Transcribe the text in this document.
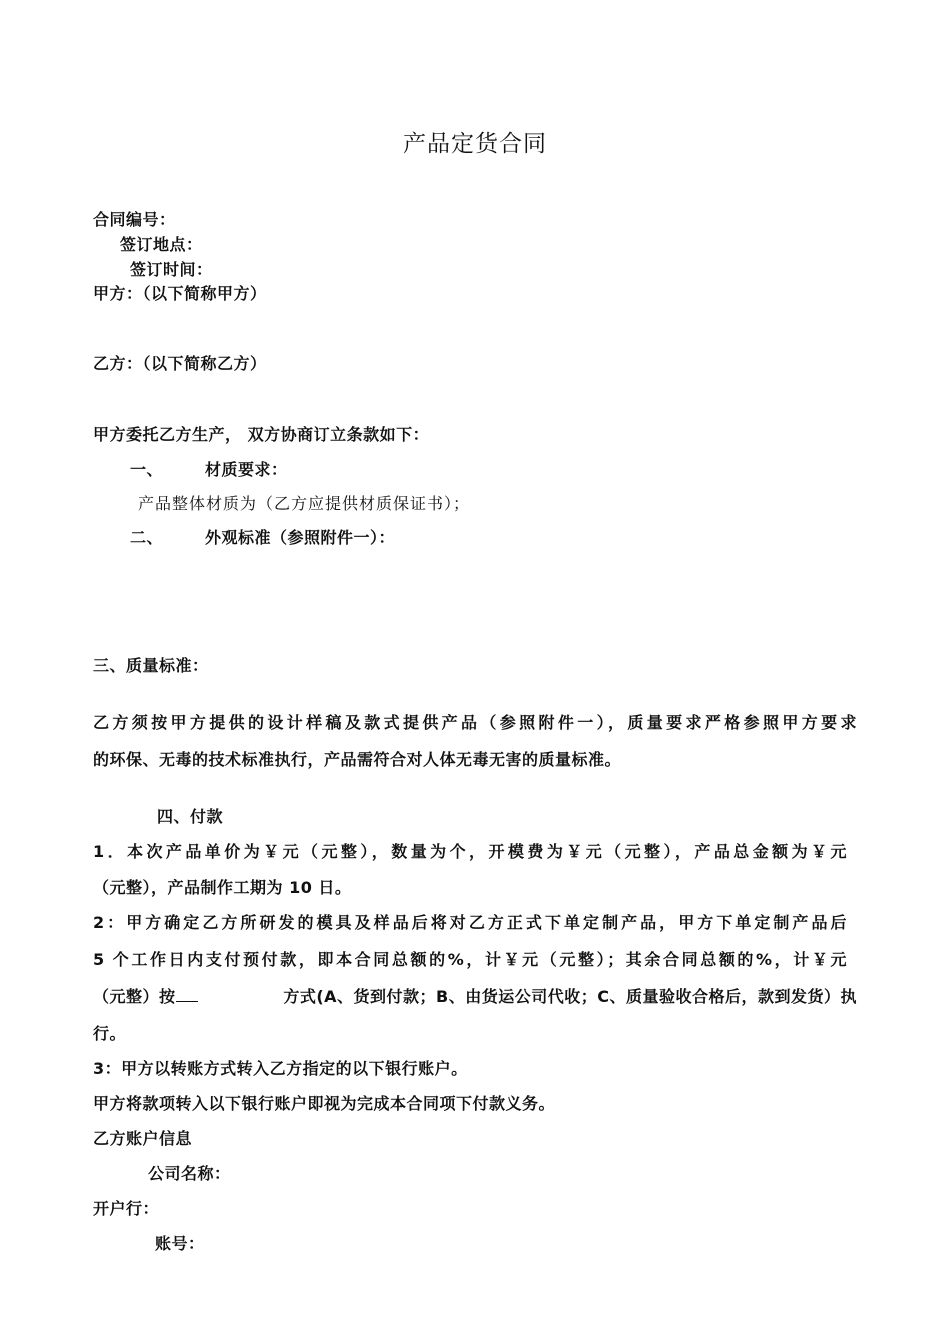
产品定货合同
合同编号：
签订地点：
签订时间：
甲方：（以下简称甲方）
乙方：（以下简称乙方）
甲方委托乙方生产， 双方协商订立条款如下：
一、	材质要求：
产品整体材质为（乙方应提供材质保证书）；
二、	外观标准（参照附件一）：
三、质量标准：
乙方须按甲方提供的设计样稿及款式提供产品（参照附件一），质量要求严格参照甲方要求
的环保、无毒的技术标准执行，产品需符合对人体无毒无害的质量标准。
四、付款
1．本次产品单价为￥元（元整），数量为个，开模费为￥元（元整），产品总金额为￥元
（元整），产品制作工期为 10 日。
2：甲方确定乙方所研发的模具及样品后将对乙方正式下单定制产品，甲方下单定制产品后
5 个工作日内支付预付款，即本合同总额的%，计￥元（元整）；其余合同总额的%，计￥元
（元整）按	方式(A、货到付款；B、由货运公司代收；C、质量验收合格后，款到发货）执
行。
3：甲方以转账方式转入乙方指定的以下银行账户。
甲方将款项转入以下银行账户即视为完成本合同项下付款义务。
乙方账户信息
公司名称：
开户行：
账号：
